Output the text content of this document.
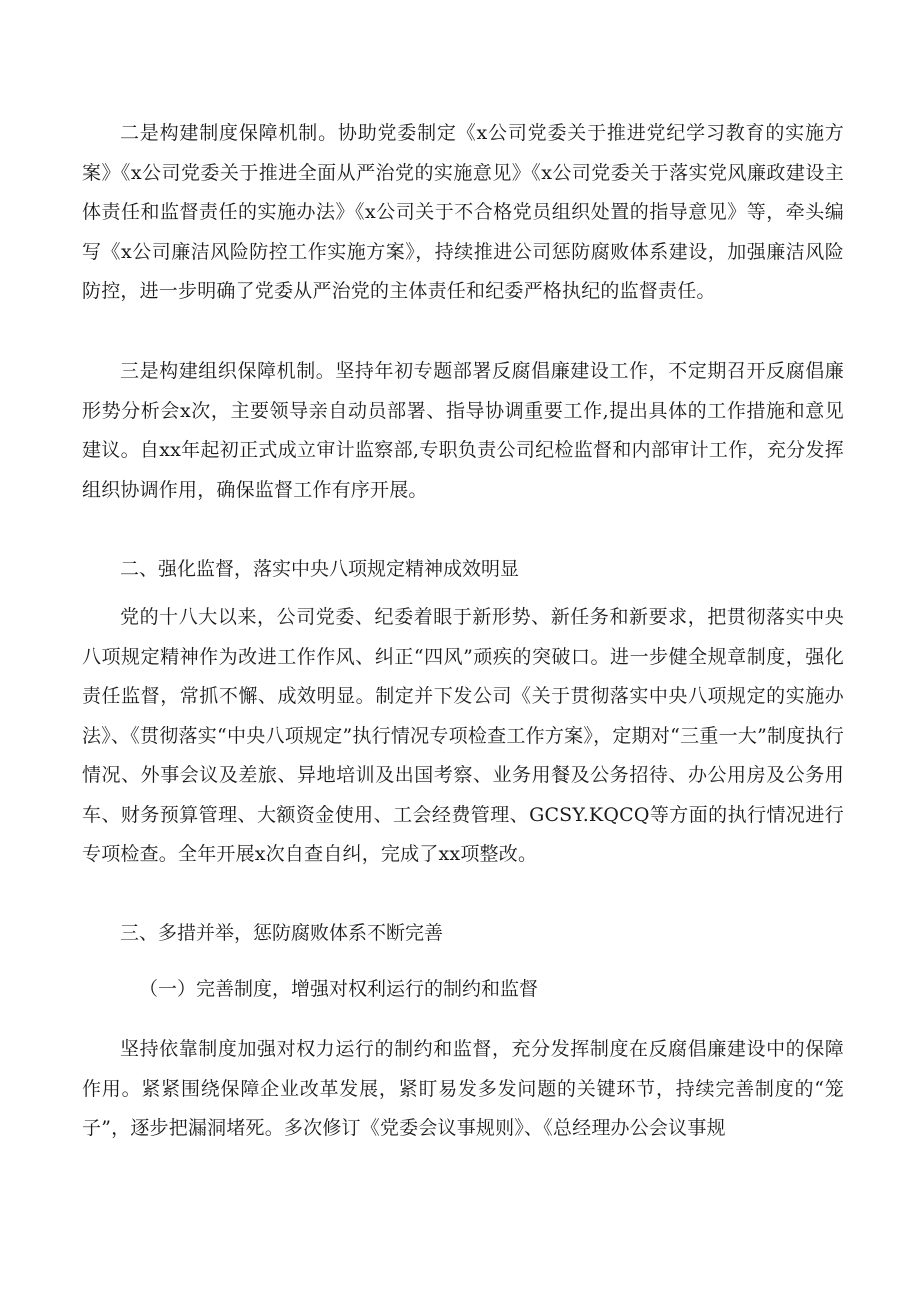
二是构建制度保障机制。协助党委制定《x公司党委关于推进党纪学习教育的实施方案》《x公司党委关于推进全面从严治党的实施意见》《x公司党委关于落实党风廉政建设主体责任和监督责任的实施办法》《x公司关于不合格党员组织处置的指导意见》等，牵头编写《x公司廉洁风险防控工作实施方案》，持续推进公司惩防腐败体系建设，加强廉洁风险防控，进一步明确了党委从严治党的主体责任和纪委严格执纪的监督责任。

三是构建组织保障机制。坚持年初专题部署反腐倡廉建设工作，不定期召开反腐倡廉形势分析会x次，主要领导亲自动员部署、指导协调重要工作,提出具体的工作措施和意见建议。自xx年起初正式成立审计监察部,专职负责公司纪检监督和内部审计工作，充分发挥组织协调作用，确保监督工作有序开展。

二、强化监督，落实中央八项规定精神成效明显

党的十八大以来，公司党委、纪委着眼于新形势、新任务和新要求，把贯彻落实中央八项规定精神作为改进工作作风、纠正“四风”顽疾的突破口。进一步健全规章制度，强化责任监督，常抓不懈、成效明显。制定并下发公司《关于贯彻落实中央八项规定的实施办法》、《贯彻落实“中央八项规定”执行情况专项检查工作方案》，定期对“三重一大”制度执行情况、外事会议及差旅、异地培训及出国考察、业务用餐及公务招待、办公用房及公务用车、财务预算管理、大额资金使用、工会经费管理、GCSY.KQCQ等方面的执行情况进行专项检查。全年开展x次自查自纠，完成了xx项整改。

三、多措并举，惩防腐败体系不断完善

（一）完善制度，增强对权利运行的制约和监督

坚持依靠制度加强对权力运行的制约和监督，充分发挥制度在反腐倡廉建设中的保障作用。紧紧围绕保障企业改革发展，紧盯易发多发问题的关键环节，持续完善制度的“笼子”，逐步把漏洞堵死。多次修订《党委会议事规则》、《总经理办公会议事规
